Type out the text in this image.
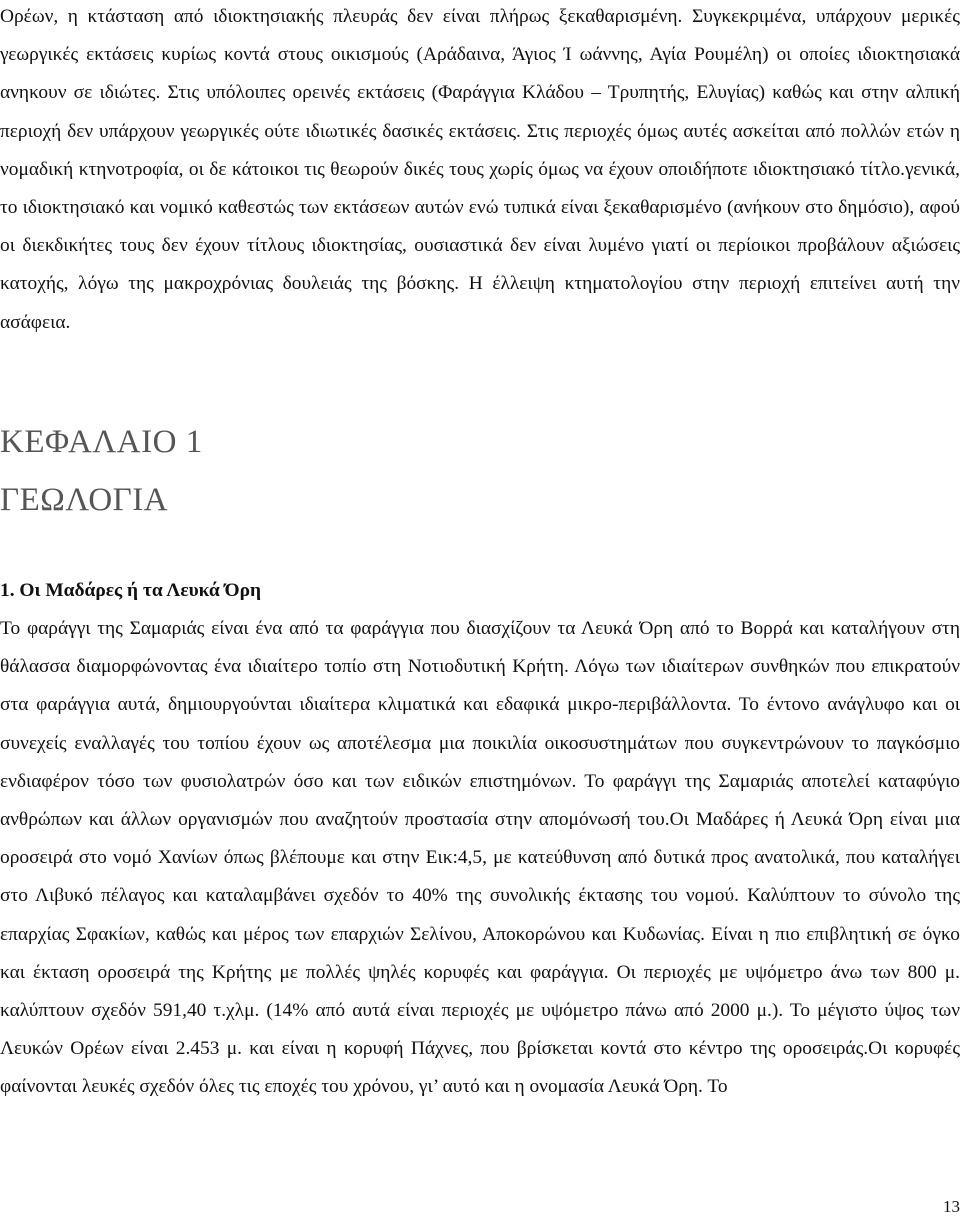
Ορέων, η κτάσταση από ιδιοκτησιακής πλευράς δεν είναι πλήρως ξεκαθαρισμένη. Συγκεκριμένα, υπάρχουν μερικές γεωργικές εκτάσεις κυρίως κοντά στους οικισμούς (Αράδαινα, Άγιος Ί ωάννης, Αγία Ρουμέλη) οι οποίες ιδιοκτησιακά ανηκουν σε ιδιώτες. Στις υπόλοιπες ορεινές εκτάσεις (Φαράγγια Κλάδου – Τρυπητής, Ελυγίας) καθώς και στην αλπική περιοχή δεν υπάρχουν γεωργικές ούτε ιδιωτικές δασικές εκτάσεις. Στις περιοχές όμως αυτές ασκείται από πολλών ετών η νομαδική κτηνοτροφία, οι δε κάτοικοι τις θεωρούν δικές τους χωρίς όμως να έχουν οποιδήποτε ιδιοκτησιακό τίτλο.γενικά, το ιδιοκτησιακό και νομικό καθεστώς των εκτάσεων αυτών ενώ τυπικά είναι ξεκαθαρισμένο (ανήκουν στο δημόσιο), αφού οι διεκδικήτες τους δεν έχουν τίτλους ιδιοκτησίας, ουσιαστικά δεν είναι λυμένο γιατί οι περίοικοι προβάλουν αξιώσεις κατοχής, λόγω της μακροχρόνιας δουλειάς της βόσκης. Η έλλειψη κτηματολογίου στην περιοχή επιτείνει αυτή την ασάφεια.

ΚΕΦΑΛΑΙΟ 1
ΓΕΩΛΟΓΙΑ
1. Οι Μαδάρες ή τα Λευκά Όρη

Το φαράγγι της Σαμαριάς είναι ένα από τα φαράγγια που διασχίζουν τα Λευκά Όρη από το Βορρά και καταλήγουν στη θάλασσα διαμορφώνοντας ένα ιδιαίτερο τοπίο στη Νοτιοδυτική Κρήτη. Λόγω των ιδιαίτερων συνθηκών που επικρατούν στα φαράγγια αυτά, δημιουργούνται ιδιαίτερα κλιματικά και εδαφικά μικρο-περιβάλλοντα. Το έντονο ανάγλυφο και οι συνεχείς εναλλαγές του τοπίου έχουν ως αποτέλεσμα μια ποικιλία οικοσυστημάτων που συγκεντρώνουν το παγκόσμιο ενδιαφέρον τόσο των φυσιολατρών όσο και των ειδικών επιστημόνων. Το φαράγγι της Σαμαριάς αποτελεί καταφύγιο ανθρώπων και άλλων οργανισμών που αναζητούν προστασία στην απομόνωσή του.Οι Μαδάρες ή Λευκά Όρη είναι μια οροσειρά στο νομό Χανίων όπως βλέπουμε και στην Εικ:4,5, με κατεύθυνση από δυτικά προς ανατολικά, που καταλήγει στο Λιβυκό πέλαγος και καταλαμβάνει σχεδόν το 40% της συνολικής έκτασης του νομού. Καλύπτουν το σύνολο της επαρχίας Σφακίων, καθώς και μέρος των επαρχιών Σελίνου, Αποκορώνου και Κυδωνίας. Είναι η πιο επιβλητική σε όγκο και έκταση οροσειρά της Κρήτης με πολλές ψηλές κορυφές και φαράγγια. Οι περιοχές με υψόμετρο άνω των 800 μ. καλύπτουν σχεδόν 591,40 τ.χλμ. (14% από αυτά είναι περιοχές με υψόμετρο πάνω από 2000 μ.). Το μέγιστο ύψος των Λευκών Ορέων είναι 2.453 μ. και είναι η κορυφή Πάχνες, που βρίσκεται κοντά στο κέντρο της οροσειράς.Οι κορυφές φαίνονται λευκές σχεδόν όλες τις εποχές του χρόνου, γι’ αυτό και η ονομασία Λευκά Όρη. Το

13
